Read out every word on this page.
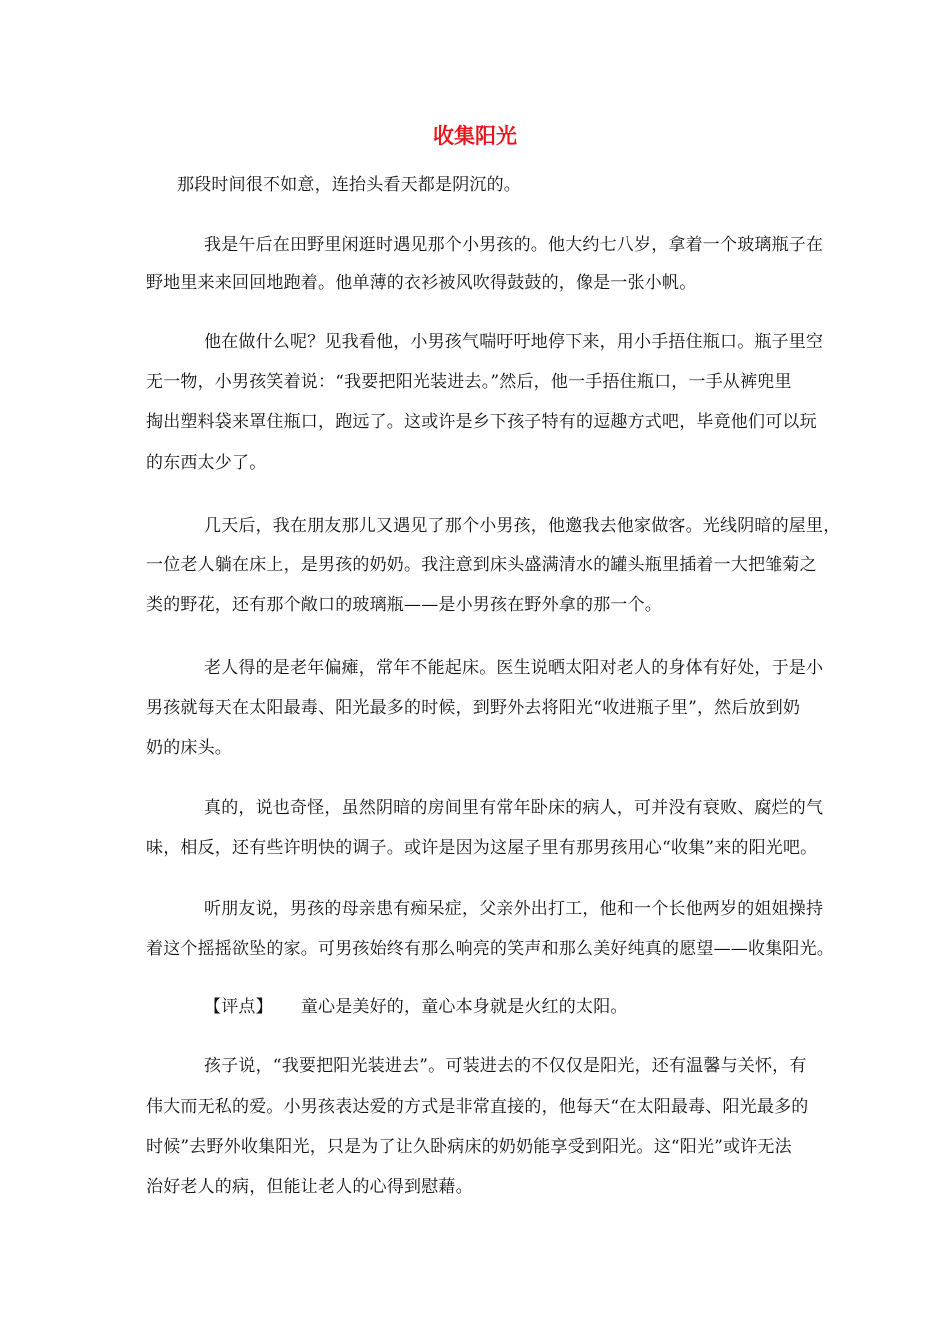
收集阳光
那段时间很不如意，连抬头看天都是阴沉的。
我是午后在田野里闲逛时遇见那个小男孩的。他大约七八岁，拿着一个玻璃瓶子在
野地里来来回回地跑着。他单薄的衣衫被风吹得鼓鼓的，像是一张小帆。
他在做什么呢？见我看他，小男孩气喘吁吁地停下来，用小手捂住瓶口。瓶子里空
无一物，小男孩笑着说：“我要把阳光装进去。”然后，他一手捂住瓶口，一手从裤兜里
掏出塑料袋来罩住瓶口，跑远了。这或许是乡下孩子特有的逗趣方式吧，毕竟他们可以玩
的东西太少了。
几天后，我在朋友那儿又遇见了那个小男孩，他邀我去他家做客。光线阴暗的屋里，
一位老人躺在床上，是男孩的奶奶。我注意到床头盛满清水的罐头瓶里插着一大把雏菊之
类的野花，还有那个敞口的玻璃瓶——是小男孩在野外拿的那一个。
老人得的是老年偏瘫，常年不能起床。医生说晒太阳对老人的身体有好处，于是小
男孩就每天在太阳最毒、阳光最多的时候，到野外去将阳光“收进瓶子里”，然后放到奶
奶的床头。
真的，说也奇怪，虽然阴暗的房间里有常年卧床的病人，可并没有衰败、腐烂的气
味，相反，还有些许明快的调子。或许是因为这屋子里有那男孩用心“收集”来的阳光吧。
听朋友说，男孩的母亲患有痴呆症，父亲外出打工，他和一个长他两岁的姐姐操持
着这个摇摇欲坠的家。可男孩始终有那么响亮的笑声和那么美好纯真的愿望——收集阳光。
【评点】 童心是美好的，童心本身就是火红的太阳。
孩子说，“我要把阳光装进去”。可装进去的不仅仅是阳光，还有温馨与关怀，有
伟大而无私的爱。小男孩表达爱的方式是非常直接的，他每天“在太阳最毒、阳光最多的
时候”去野外收集阳光，只是为了让久卧病床的奶奶能享受到阳光。这“阳光”或许无法
治好老人的病，但能让老人的心得到慰藉。
